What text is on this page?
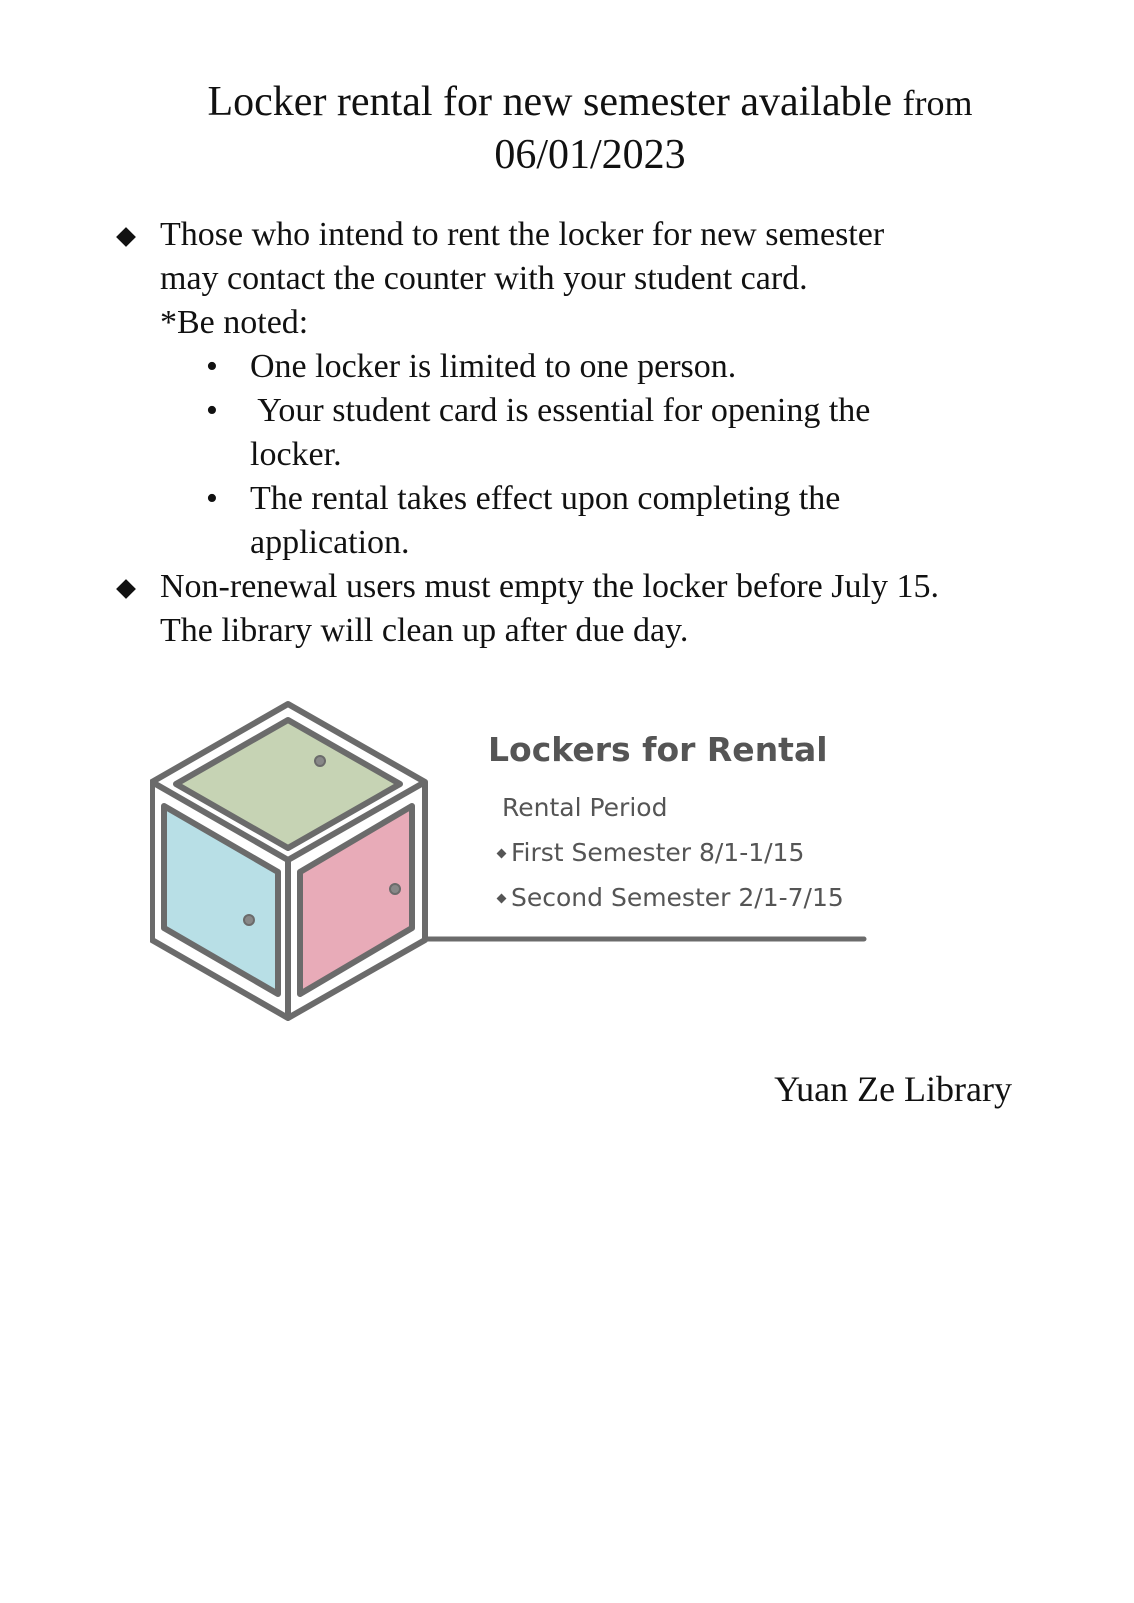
Locker rental for new semester available from
06/01/2023
Those who intend to rent the locker for new semester
may contact the counter with your student card.
*Be noted:
• One locker is limited to one person.
• Your student card is essential for opening the
locker.
• The rental takes effect upon completing the
application.
Non-renewal users must empty the locker before July 15.
The library will clean up after due day.
Lockers for Rental
Rental Period
First Semester 8/1-1/15
Second Semester 2/1-7/15
Yuan Ze Library
